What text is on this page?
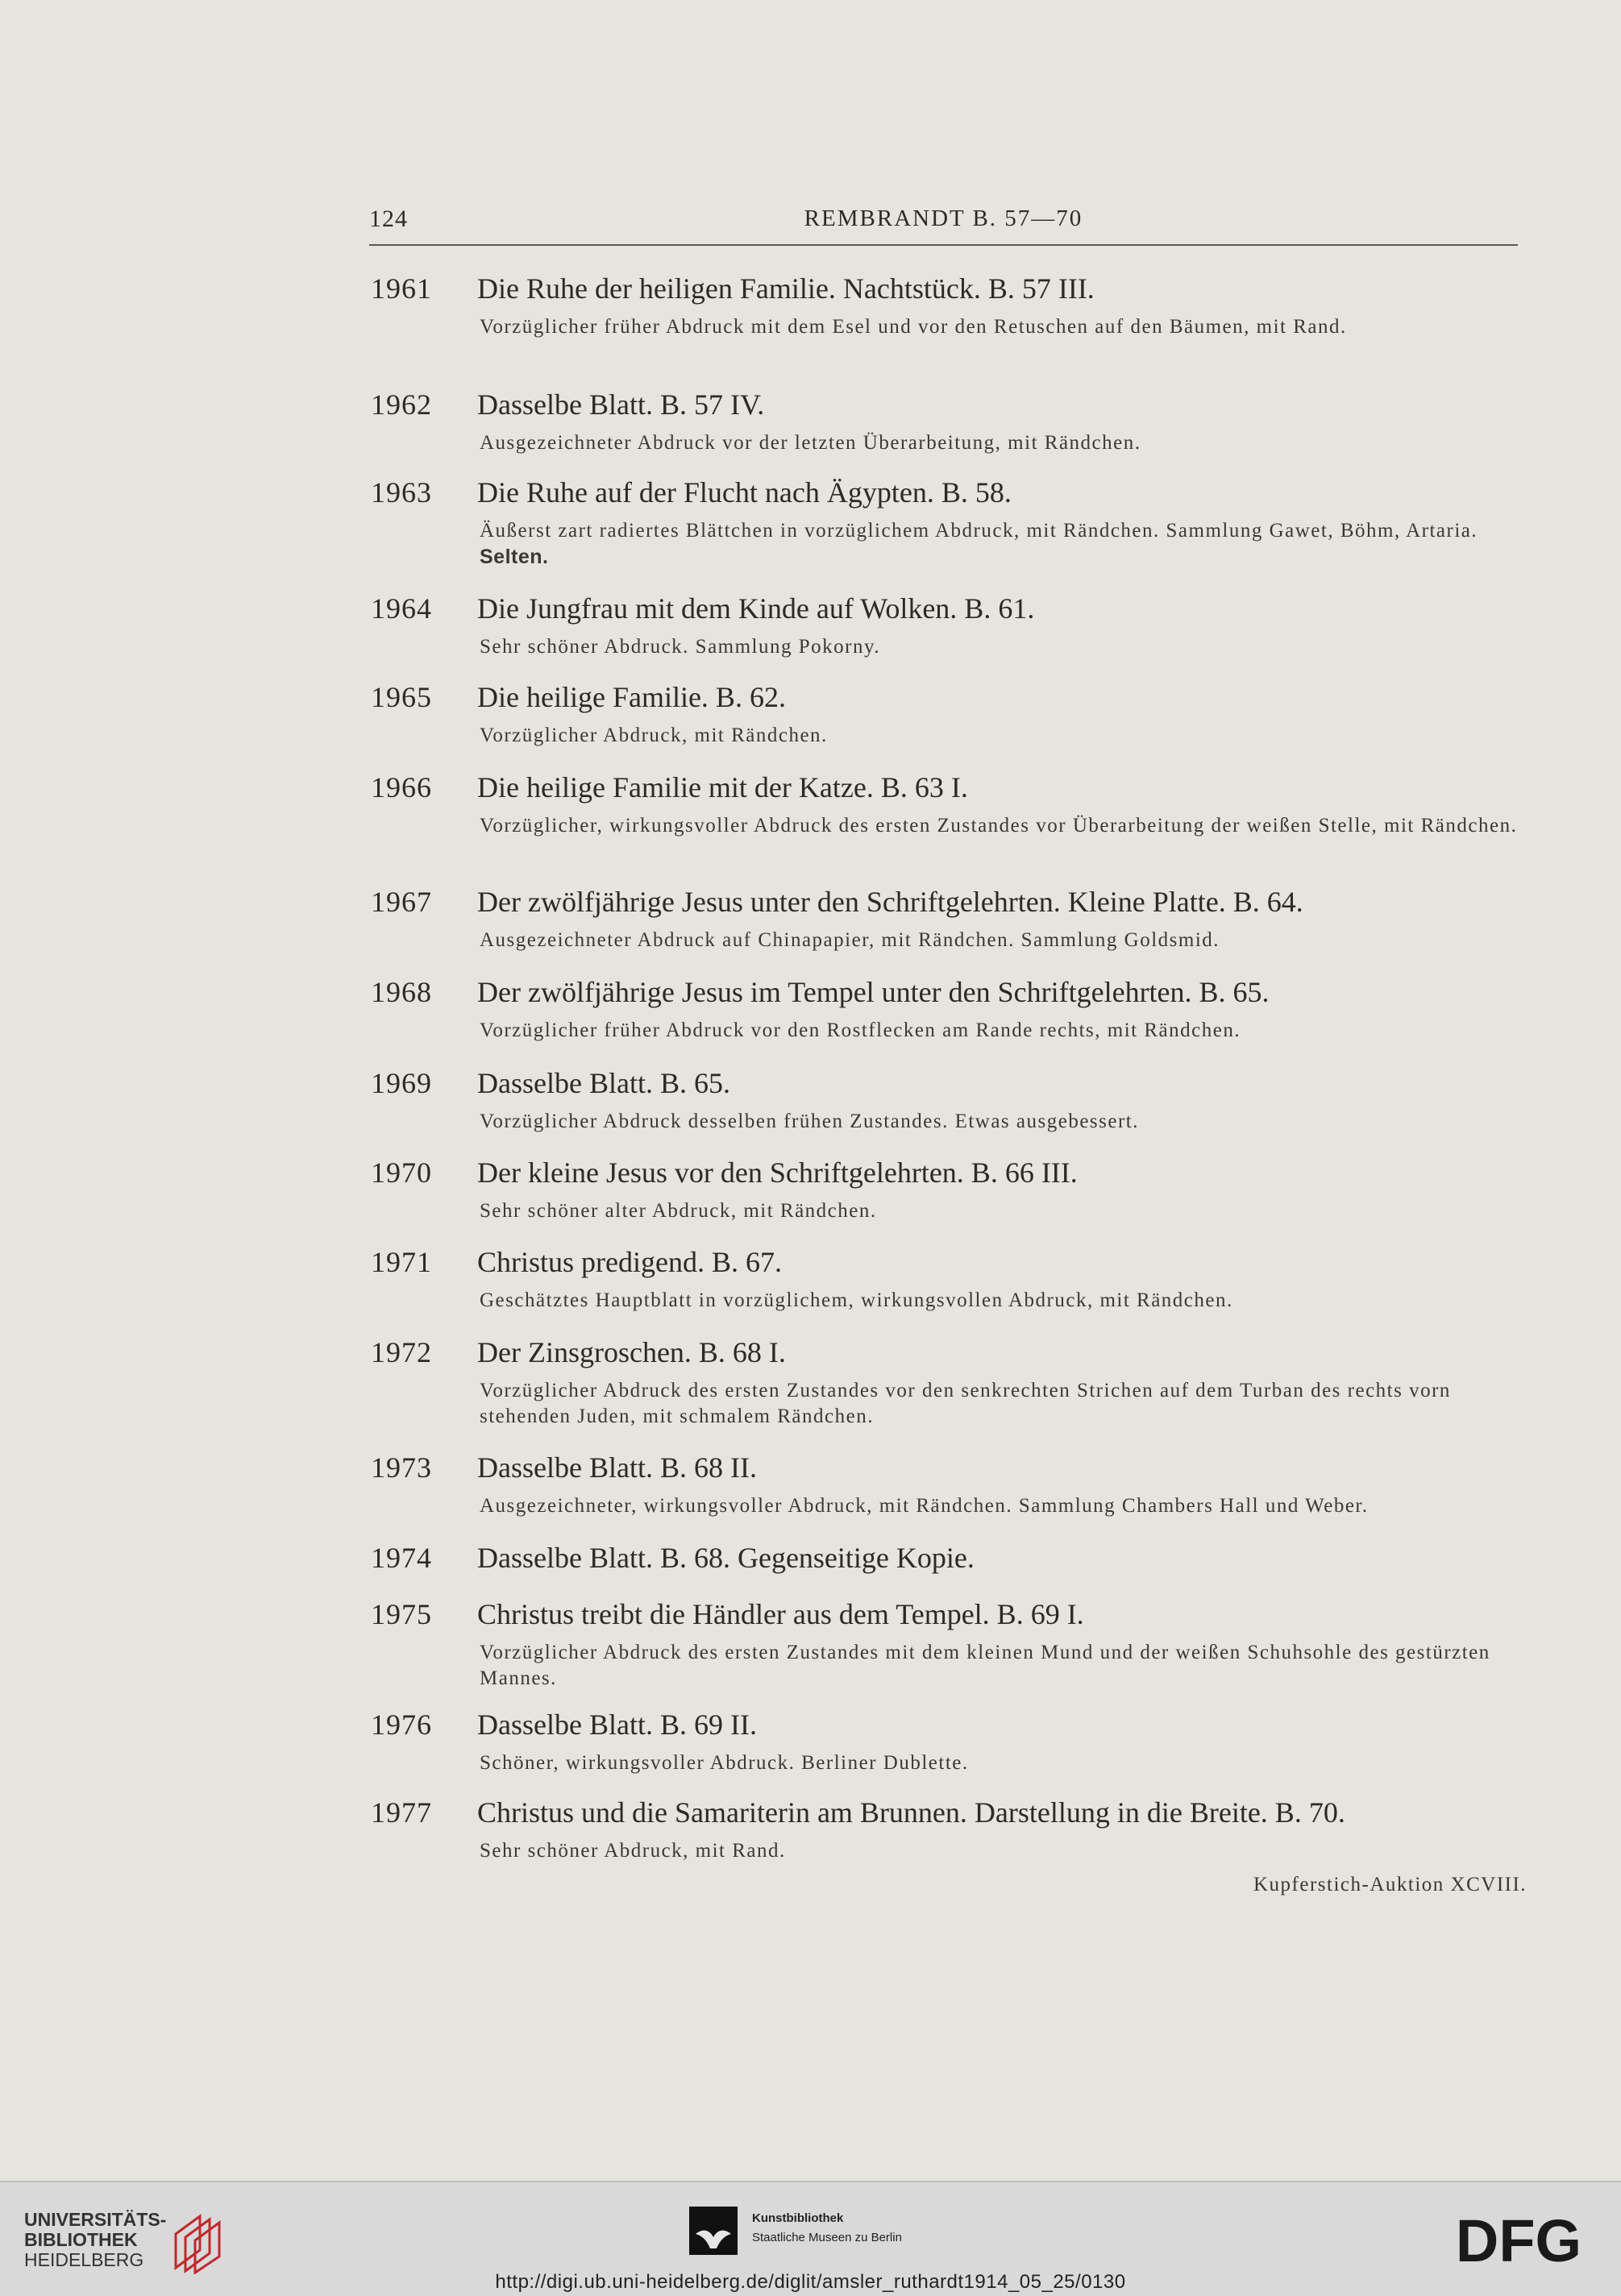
124	REMBRANDT B. 57—70
1961 Die Ruhe der heiligen Familie. Nachtstück. B. 57 III.
Vorzüglicher früher Abdruck mit dem Esel und vor den Retuschen auf den Bäumen, mit Rand.
1962 Dasselbe Blatt. B. 57 IV.
Ausgezeichneter Abdruck vor der letzten Überarbeitung, mit Rändchen.
1963 Die Ruhe auf der Flucht nach Ägypten. B. 58.
Äußerst zart radiertes Blättchen in vorzüglichem Abdruck, mit Rändchen. Sammlung Gawet, Böhm, Artaria. Selten.
1964 Die Jungfrau mit dem Kinde auf Wolken. B. 61.
Sehr schöner Abdruck. Sammlung Pokorny.
1965 Die heilige Familie. B. 62.
Vorzüglicher Abdruck, mit Rändchen.
1966 Die heilige Familie mit der Katze. B. 63 I.
Vorzüglicher, wirkungsvoller Abdruck des ersten Zustandes vor Überarbeitung der weißen Stelle, mit Rändchen.
1967 Der zwölfjährige Jesus unter den Schriftgelehrten. Kleine Platte. B. 64.
Ausgezeichneter Abdruck auf Chinapapier, mit Rändchen. Sammlung Goldsmid.
1968 Der zwölfjährige Jesus im Tempel unter den Schriftgelehrten. B. 65.
Vorzüglicher früher Abdruck vor den Rostflecken am Rande rechts, mit Rändchen.
1969 Dasselbe Blatt. B. 65.
Vorzüglicher Abdruck desselben frühen Zustandes. Etwas ausgebessert.
1970 Der kleine Jesus vor den Schriftgelehrten. B. 66 III.
Sehr schöner alter Abdruck, mit Rändchen.
1971 Christus predigend. B. 67.
Geschätztes Hauptblatt in vorzüglichem, wirkungsvollen Abdruck, mit Rändchen.
1972 Der Zinsgroschen. B. 68 I.
Vorzüglicher Abdruck des ersten Zustandes vor den senkrechten Strichen auf dem Turban des rechts vorn stehenden Juden, mit schmalem Rändchen.
1973 Dasselbe Blatt. B. 68 II.
Ausgezeichneter, wirkungsvoller Abdruck, mit Rändchen. Sammlung Chambers Hall und Weber.
1974 Dasselbe Blatt. B. 68. Gegenseitige Kopie.
1975 Christus treibt die Händler aus dem Tempel. B. 69 I.
Vorzüglicher Abdruck des ersten Zustandes mit dem kleinen Mund und der weißen Schuhsohle des gestürzten Mannes.
1976 Dasselbe Blatt. B. 69 II.
Schöner, wirkungsvoller Abdruck. Berliner Dublette.
1977 Christus und die Samariterin am Brunnen. Darstellung in die Breite. B. 70.
Sehr schöner Abdruck, mit Rand.
Kupferstich-Auktion XCVIII.
UNIVERSITÄTS-
BIBLIOTHEK
HEIDELBERG
Kunstbibliothek
Staatliche Museen zu Berlin	DFG
http://digi.ub.uni-heidelberg.de/diglit/amsler_ruthardt1914_05_25/0130
